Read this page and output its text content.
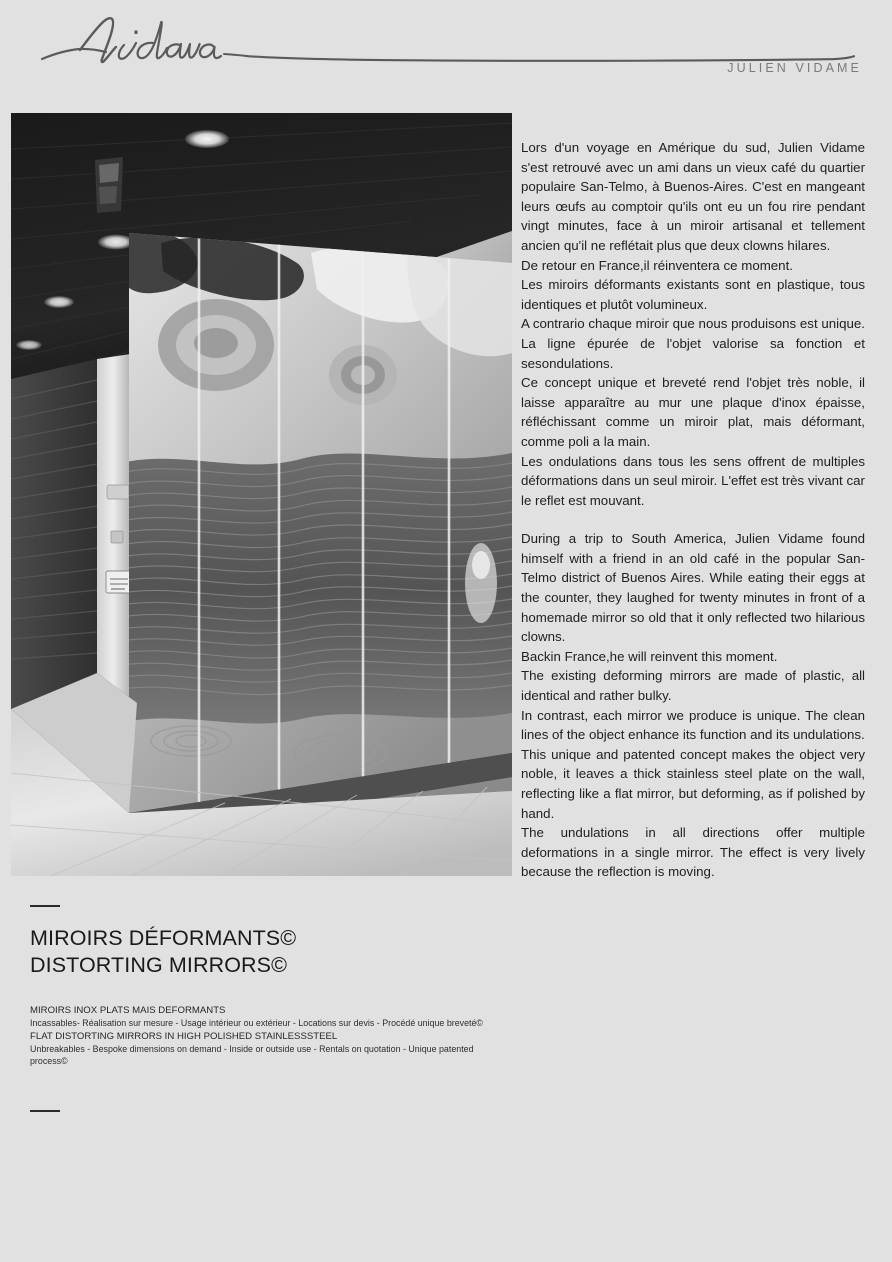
JULIEN VIDAME

Lors d'un voyage en Amérique du sud, Julien Vidame s'est retrouvé avec un ami dans un vieux café du quartier populaire San-Telmo, à Buenos-Aires. C'est en mangeant leurs œufs au comptoir qu'ils ont eu un fou rire pendant vingt minutes, face à un miroir artisanal et tellement ancien qu'il ne reflétait plus que deux clowns hilares.

De retour en France,il réinventera ce moment.

Les miroirs déformants existants sont en plastique, tous identiques et plutôt volumineux.

A contrario chaque miroir que nous produisons est unique. La ligne épurée de l'objet valorise sa fonction et sesondulations.

Ce concept unique et breveté rend l'objet très noble, il laisse apparaître au mur une plaque d'inox épaisse, réfléchissant comme un miroir plat, mais déformant, comme poli a la main.

Les ondulations dans tous les sens offrent de multiples déformations dans un seul miroir. L'effet est très vivant car le reflet est mouvant.

During a trip to South America, Julien Vidame found himself with a friend in an old café in the popular San-Telmo district of Buenos Aires. While eating their eggs at the counter, they laughed for twenty minutes in front of a homemade mirror so old that it only reflected two hilarious clowns.

Backin France,he will reinvent this moment.

The existing deforming mirrors are made of plastic, all identical and rather bulky.

In contrast, each mirror we produce is unique. The clean lines of the object enhance its function and its undulations.

This unique and patented concept makes the object very noble, it leaves a thick stainless steel plate on the wall, reflecting like a flat mirror, but deforming, as if polished by hand.

The undulations in all directions offer multiple deformations in a single mirror. The effect is very lively because the reflection is moving.

MIROIRS DÉFORMANTS©
DISTORTING MIRRORS©

MIROIRS INOX PLATS MAIS DEFORMANTS

Incassables- Réalisation sur mesure - Usage intérieur ou extérieur - Locations sur devis - Procédé unique breveté©

FLAT DISTORTING MIRRORS IN HIGH POLISHED STAINLESSSTEEL

Unbreakables - Bespoke dimensions on demand - Inside or outside use - Rentals on quotation - Unique patented process©
